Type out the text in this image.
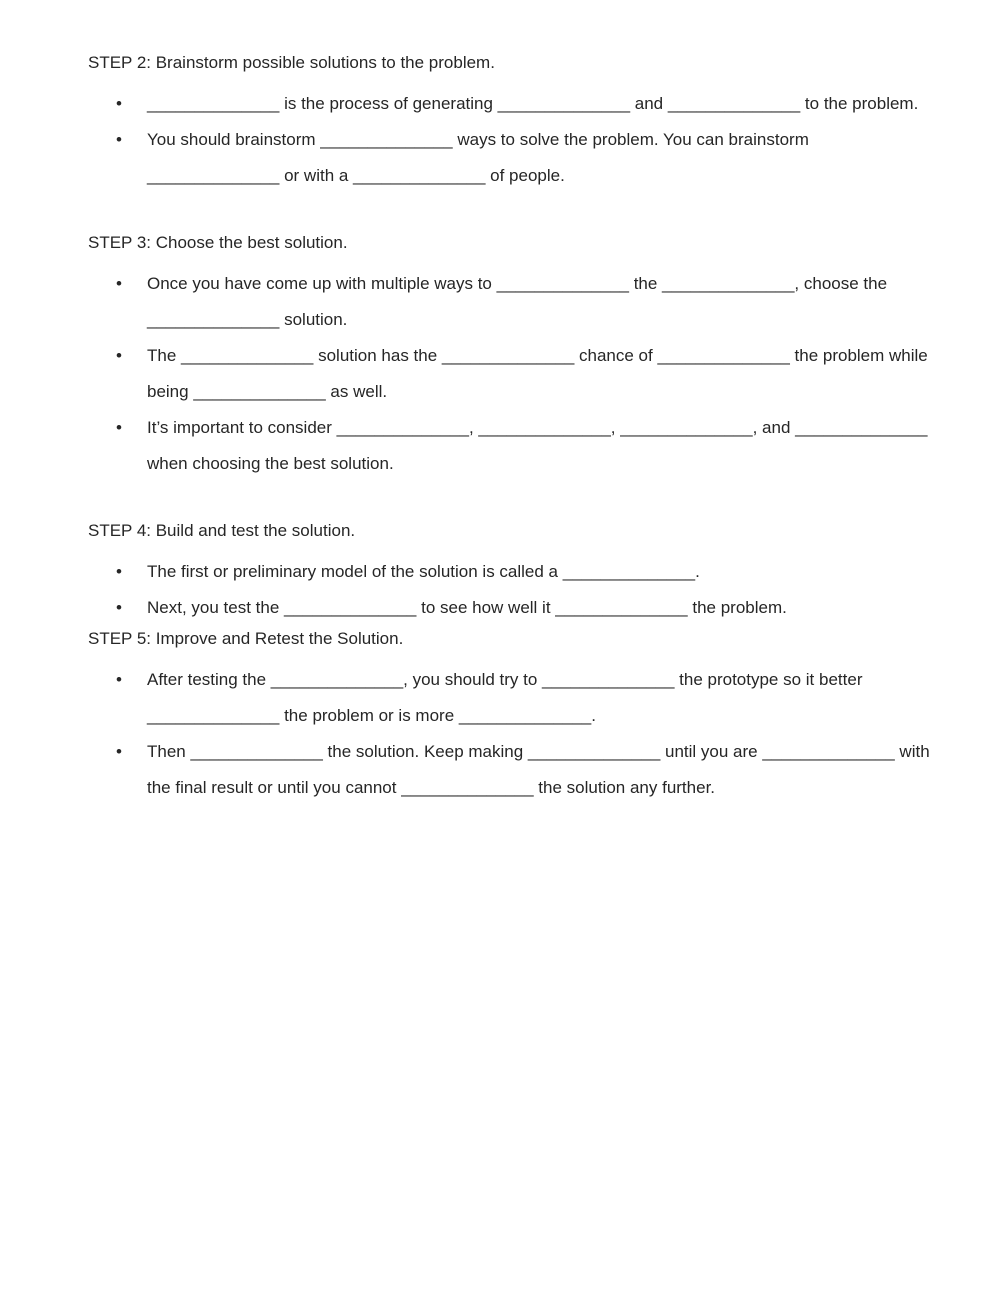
STEP 2: Brainstorm possible solutions to the problem.

• ______________ is the process of generating ______________ and ______________ to the problem.
• You should brainstorm ______________ ways to solve the problem. You can brainstorm
______________ or with a ______________ of people.

STEP 3: Choose the best solution.

• Once you have come up with multiple ways to ______________ the ______________, choose the
______________ solution.
• The ______________ solution has the ______________ chance of ______________ the problem while
being ______________ as well.
• It’s important to consider ______________, ______________, ______________, and ______________
when choosing the best solution.

STEP 4: Build and test the solution.

• The first or preliminary model of the solution is called a ______________.
• Next, you test the ______________ to see how well it ______________ the problem.

STEP 5: Improve and Retest the Solution.

• After testing the ______________, you should try to ______________ the prototype so it better
______________ the problem or is more ______________.
• Then ______________ the solution. Keep making ______________ until you are ______________ with
the final result or until you cannot ______________ the solution any further.
